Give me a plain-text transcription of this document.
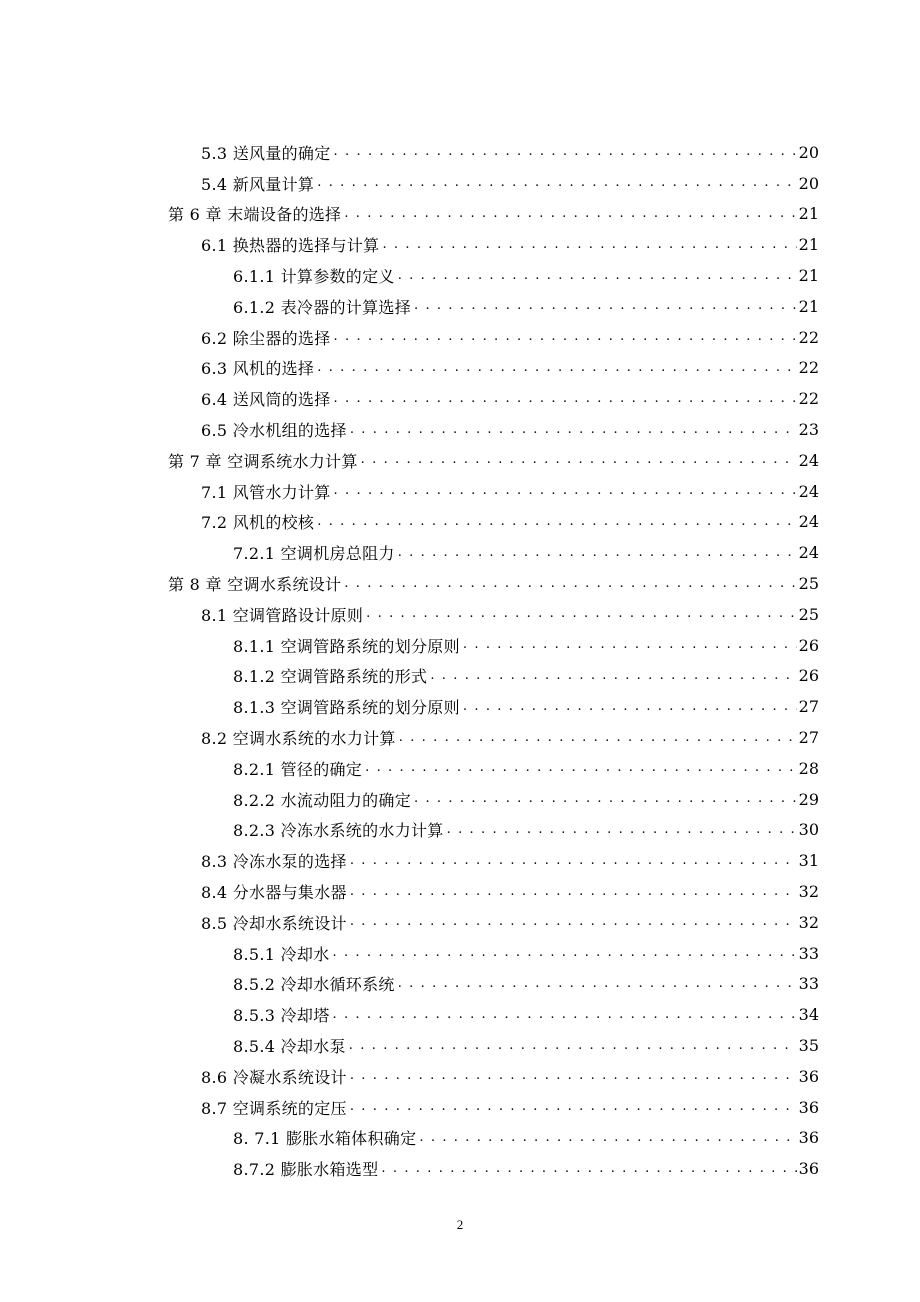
5.3 送风量的确定 . . .	20
5.4 新风量计算 . . .	20
第 6 章 末端设备的选择 . . .	21
6.1 换热器的选择与计算 . . .	21
6.1.1 计算参数的定义 . . .	21
6.1.2 表冷器的计算选择 . . .	21
6.2 除尘器的选择 . . .	22
6.3 风机的选择 . . .	22
6.4 送风筒的选择 . . .	22
6.5 冷水机组的选择 . . .	23
第 7 章 空调系统水力计算 . . .	24
7.1 风管水力计算 . . .	24
7.2 风机的校核 . . .	24
7.2.1 空调机房总阻力 . . .	24
第 8 章 空调水系统设计 . . .	25
8.1 空调管路设计原则 . . .	25
8.1.1 空调管路系统的划分原则 . . .	26
8.1.2 空调管路系统的形式 . . .	26
8.1.3 空调管路系统的划分原则 . . .	27
8.2 空调水系统的水力计算 . . .	27
8.2.1 管径的确定 . . .	28
8.2.2 水流动阻力的确定 . . .	29
8.2.3 冷冻水系统的水力计算 . . .	30
8.3 冷冻水泵的选择 . . .	31
8.4 分水器与集水器 . . .	32
8.5 冷却水系统设计 . . .	32
8.5.1 冷却水 . . .	33
8.5.2 冷却水循环系统 . . .	33
8.5.3 冷却塔 . . .	34
8.5.4 冷却水泵 . . .	35
8.6 冷凝水系统设计 . . .	36
8.7 空调系统的定压 . . .	36
8. 7.1 膨胀水箱体积确定 . . .	36
8.7.2 膨胀水箱选型 . . .	36
2
